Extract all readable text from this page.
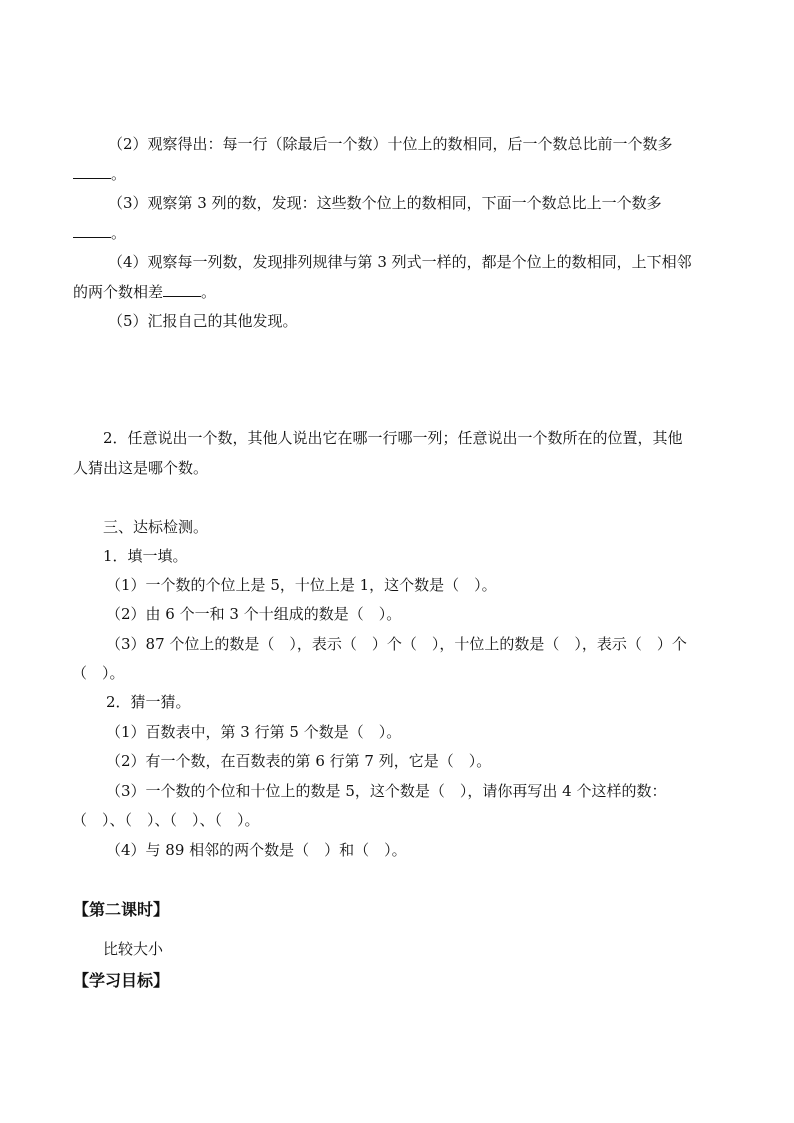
（2）观察得出：每一行（除最后一个数）十位上的数相同，后一个数总比前一个数多
。
（3）观察第 3 列的数，发现：这些数个位上的数相同，下面一个数总比上一个数多
。
（4）观察每一列数，发现排列规律与第 3 列式一样的，都是个位上的数相同，上下相邻
的两个数相差	。
（5）汇报自己的其他发现。
2．任意说出一个数，其他人说出它在哪一行哪一列；任意说出一个数所在的位置，其他
人猜出这是哪个数。
三、达标检测。
1．填一填。
（1）一个数的个位上是 5，十位上是 1，这个数是（　）。
（2）由 6 个一和 3 个十组成的数是（　）。
（3）87 个位上的数是（　），表示（　）个（　），十位上的数是（　），表示（　）个
（　）。
2．猜一猜。
（1）百数表中，第 3 行第 5 个数是（　）。
（2）有一个数，在百数表的第 6 行第 7 列，它是（　）。
（3）一个数的个位和十位上的数是 5，这个数是（　），请你再写出 4 个这样的数：
（　）、（　）、（　）、（　）。
（4）与 89 相邻的两个数是（　）和（　）。
【第二课时】
比较大小
【学习目标】
